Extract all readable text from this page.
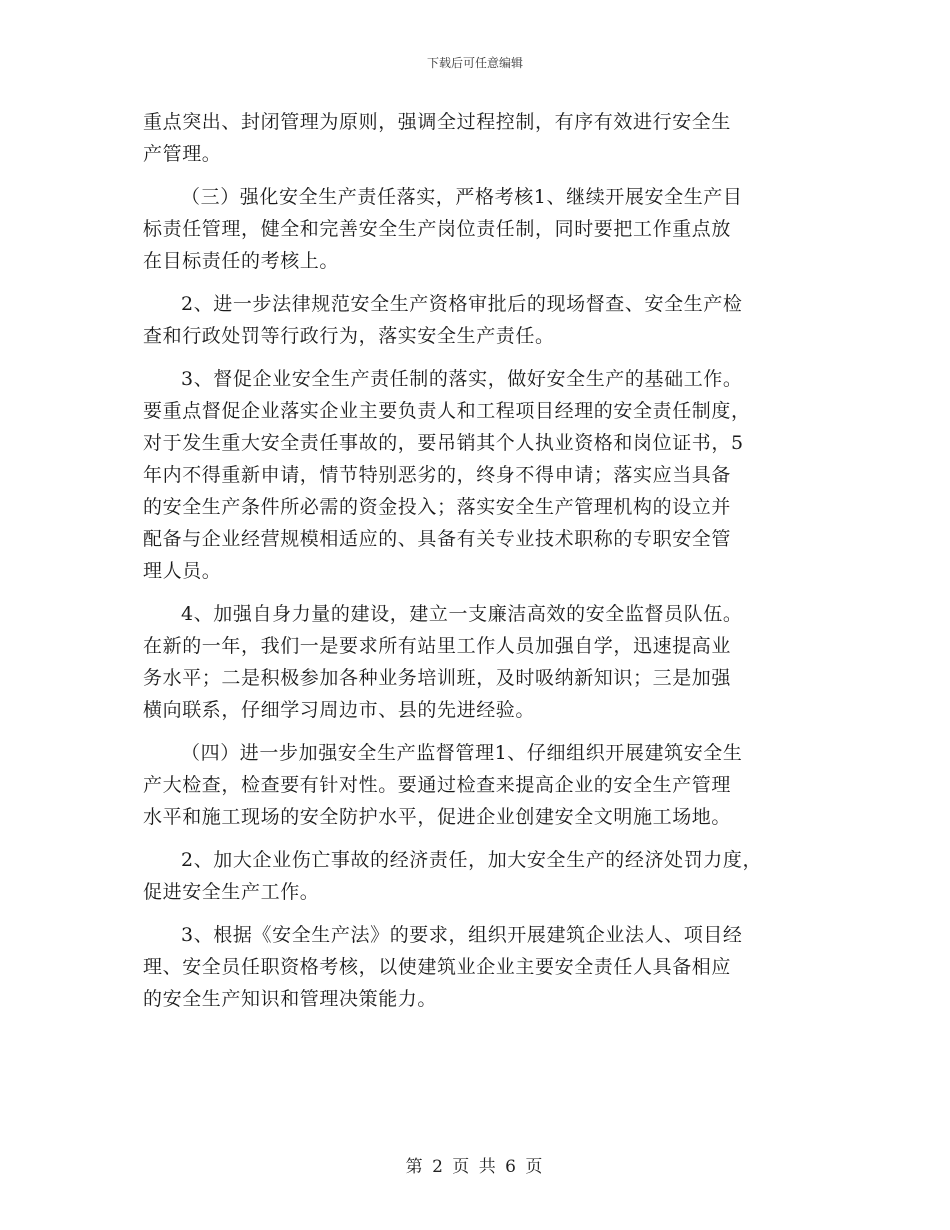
下载后可任意编辑
重点突出、封闭管理为原则，强调全过程控制，有序有效进行安全生
产管理。
（三）强化安全生产责任落实，严格考核1、继续开展安全生产目
标责任管理，健全和完善安全生产岗位责任制，同时要把工作重点放
在目标责任的考核上。
2、进一步法律规范安全生产资格审批后的现场督查、安全生产检
查和行政处罚等行政行为，落实安全生产责任。
3、督促企业安全生产责任制的落实，做好安全生产的基础工作。
要重点督促企业落实企业主要负责人和工程项目经理的安全责任制度，
对于发生重大安全责任事故的，要吊销其个人执业资格和岗位证书，5
年内不得重新申请，情节特别恶劣的，终身不得申请；落实应当具备
的安全生产条件所必需的资金投入；落实安全生产管理机构的设立并
配备与企业经营规模相适应的、具备有关专业技术职称的专职安全管
理人员。
4、加强自身力量的建设，建立一支廉洁高效的安全监督员队伍。
在新的一年，我们一是要求所有站里工作人员加强自学，迅速提高业
务水平；二是积极参加各种业务培训班，及时吸纳新知识；三是加强
横向联系，仔细学习周边市、县的先进经验。
（四）进一步加强安全生产监督管理1、仔细组织开展建筑安全生
产大检查，检查要有针对性。要通过检查来提高企业的安全生产管理
水平和施工现场的安全防护水平，促进企业创建安全文明施工场地。
2、加大企业伤亡事故的经济责任，加大安全生产的经济处罚力度，
促进安全生产工作。
3、根据《安全生产法》的要求，组织开展建筑企业法人、项目经
理、安全员任职资格考核，以使建筑业企业主要安全责任人具备相应
的安全生产知识和管理决策能力。
第 2 页 共 6 页
